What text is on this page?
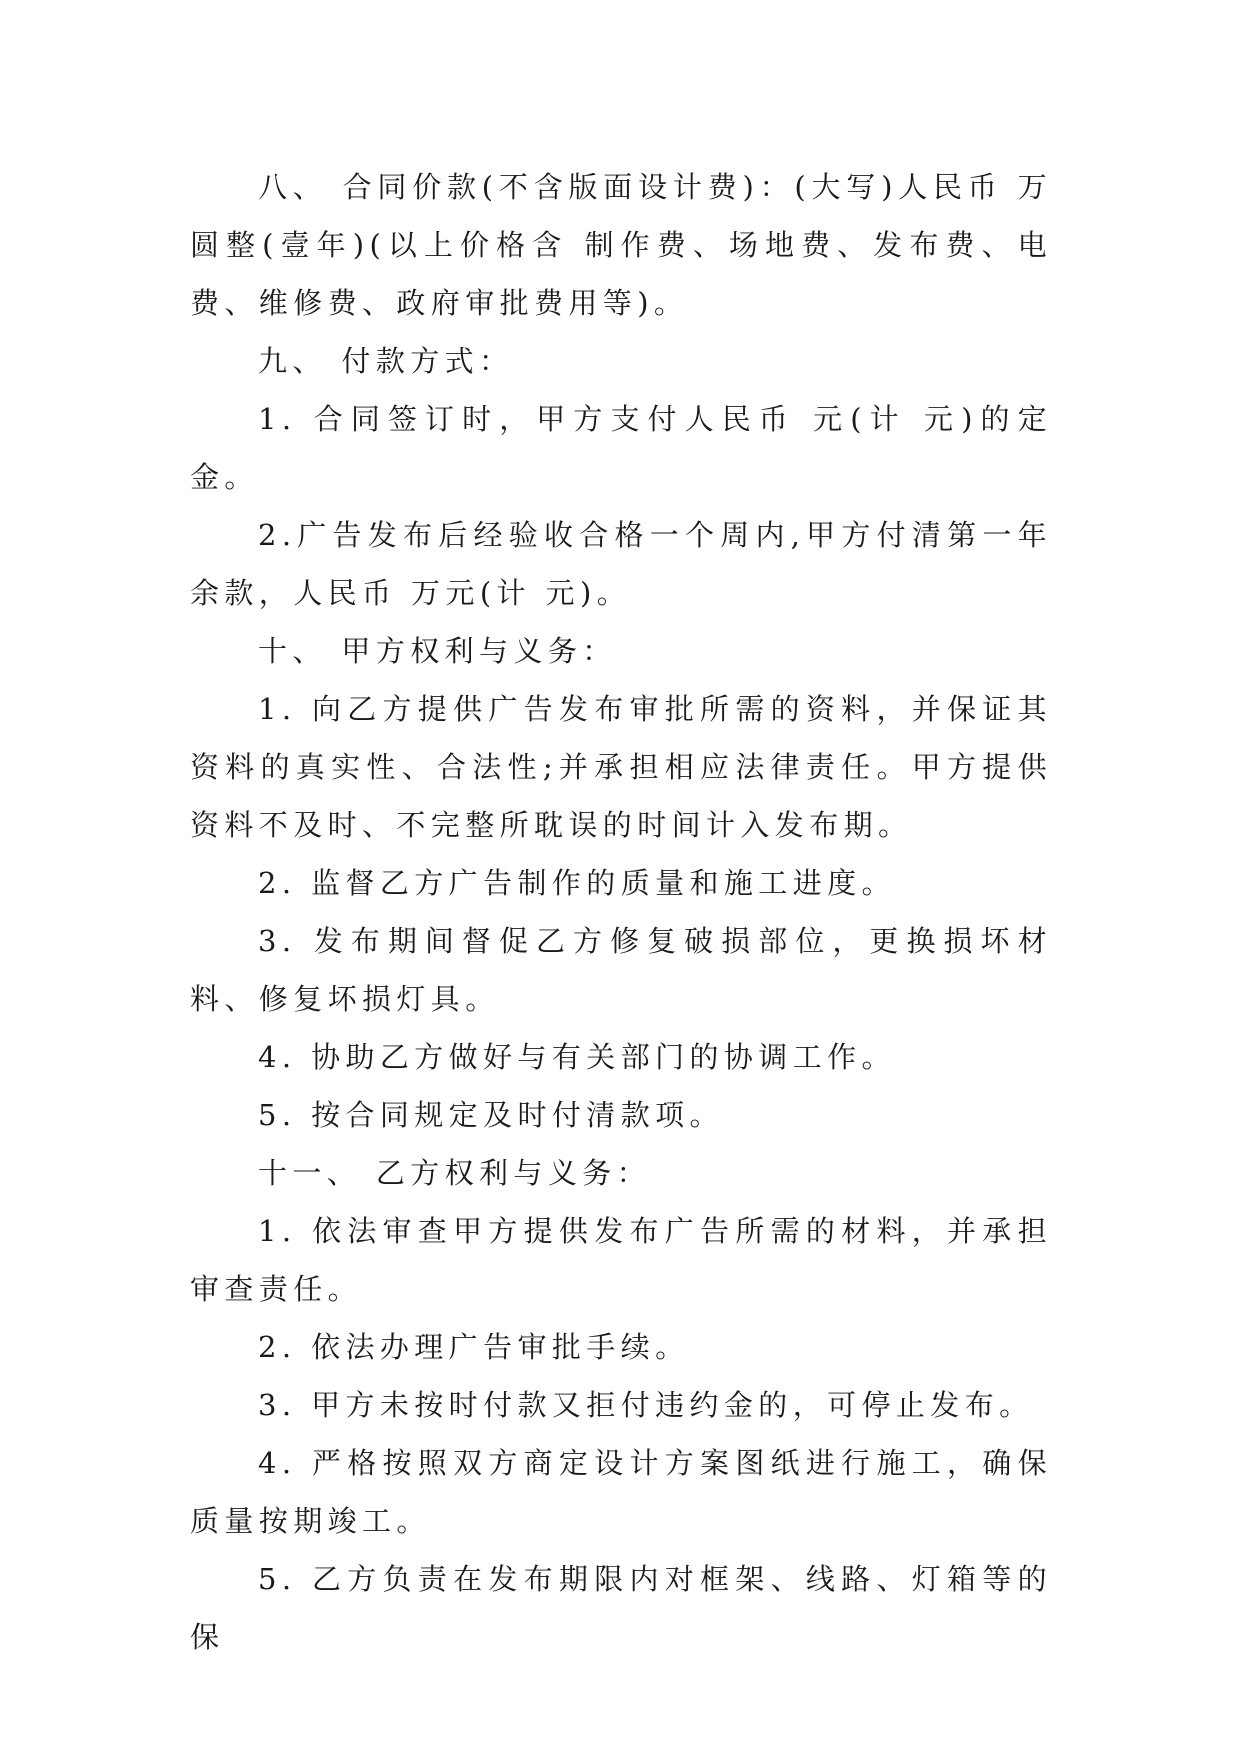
八、 合同价款(不含版面设计费)：(大写)人民币 万圆整(壹年)(以上价格含 制作费、场地费、发布费、电费、维修费、政府审批费用等)。

九、 付款方式：

1. 合同签订时，甲方支付人民币 元(计 元)的定金。

2.广告发布后经验收合格一个周内,甲方付清第一年余款，人民币 万元(计 元)。

十、 甲方权利与义务：

1. 向乙方提供广告发布审批所需的资料，并保证其资料的真实性、合法性;并承担相应法律责任。甲方提供资料不及时、不完整所耽误的时间计入发布期。

2. 监督乙方广告制作的质量和施工进度。

3. 发布期间督促乙方修复破损部位，更换损坏材料、修复坏损灯具。

4. 协助乙方做好与有关部门的协调工作。

5. 按合同规定及时付清款项。

十一、 乙方权利与义务：

1. 依法审查甲方提供发布广告所需的材料，并承担审查责任。

2. 依法办理广告审批手续。

3. 甲方未按时付款又拒付违约金的，可停止发布。

4. 严格按照双方商定设计方案图纸进行施工，确保质量按期竣工。

5. 乙方负责在发布期限内对框架、线路、灯箱等的保
